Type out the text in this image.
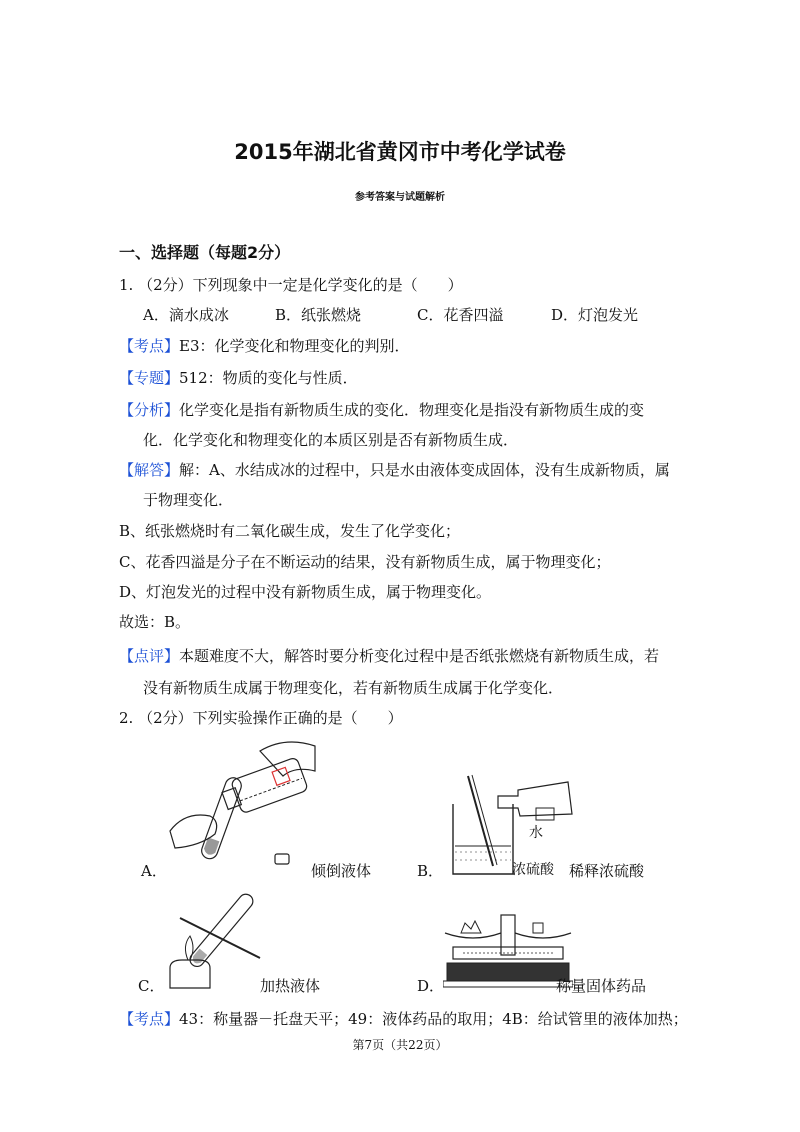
2015年湖北省黄冈市中考化学试卷
参考答案与试题解析
一、选择题（每题2分）
1. （2分）下列现象中一定是化学变化的是（　　）
A．滴水成冰	B．纸张燃烧	C．花香四溢	D．灯泡发光
【考点】E3：化学变化和物理变化的判别．
【专题】512：物质的变化与性质．
【分析】化学变化是指有新物质生成的变化．物理变化是指没有新物质生成的变
化．化学变化和物理变化的本质区别是否有新物质生成．
【解答】解：A、水结成冰的过程中，只是水由液体变成固体，没有生成新物质，属
于物理变化．
B、纸张燃烧时有二氧化碳生成，发生了化学变化；
C、花香四溢是分子在不断运动的结果，没有新物质生成，属于物理变化；
D、灯泡发光的过程中没有新物质生成，属于物理变化。
故选：B。
【点评】本题难度不大，解答时要分析变化过程中是否纸张燃烧有新物质生成，若
没有新物质生成属于物理变化，若有新物质生成属于化学变化．
2. （2分）下列实验操作正确的是（　　）
A．	倾倒液体
水
浓硫酸
B．	稀释浓硫酸
C．	加热液体	D．	称量固体药品
【考点】43：称量器－托盘天平；49：液体药品的取用；4B：给试管里的液体加热；
第7页（共22页）
